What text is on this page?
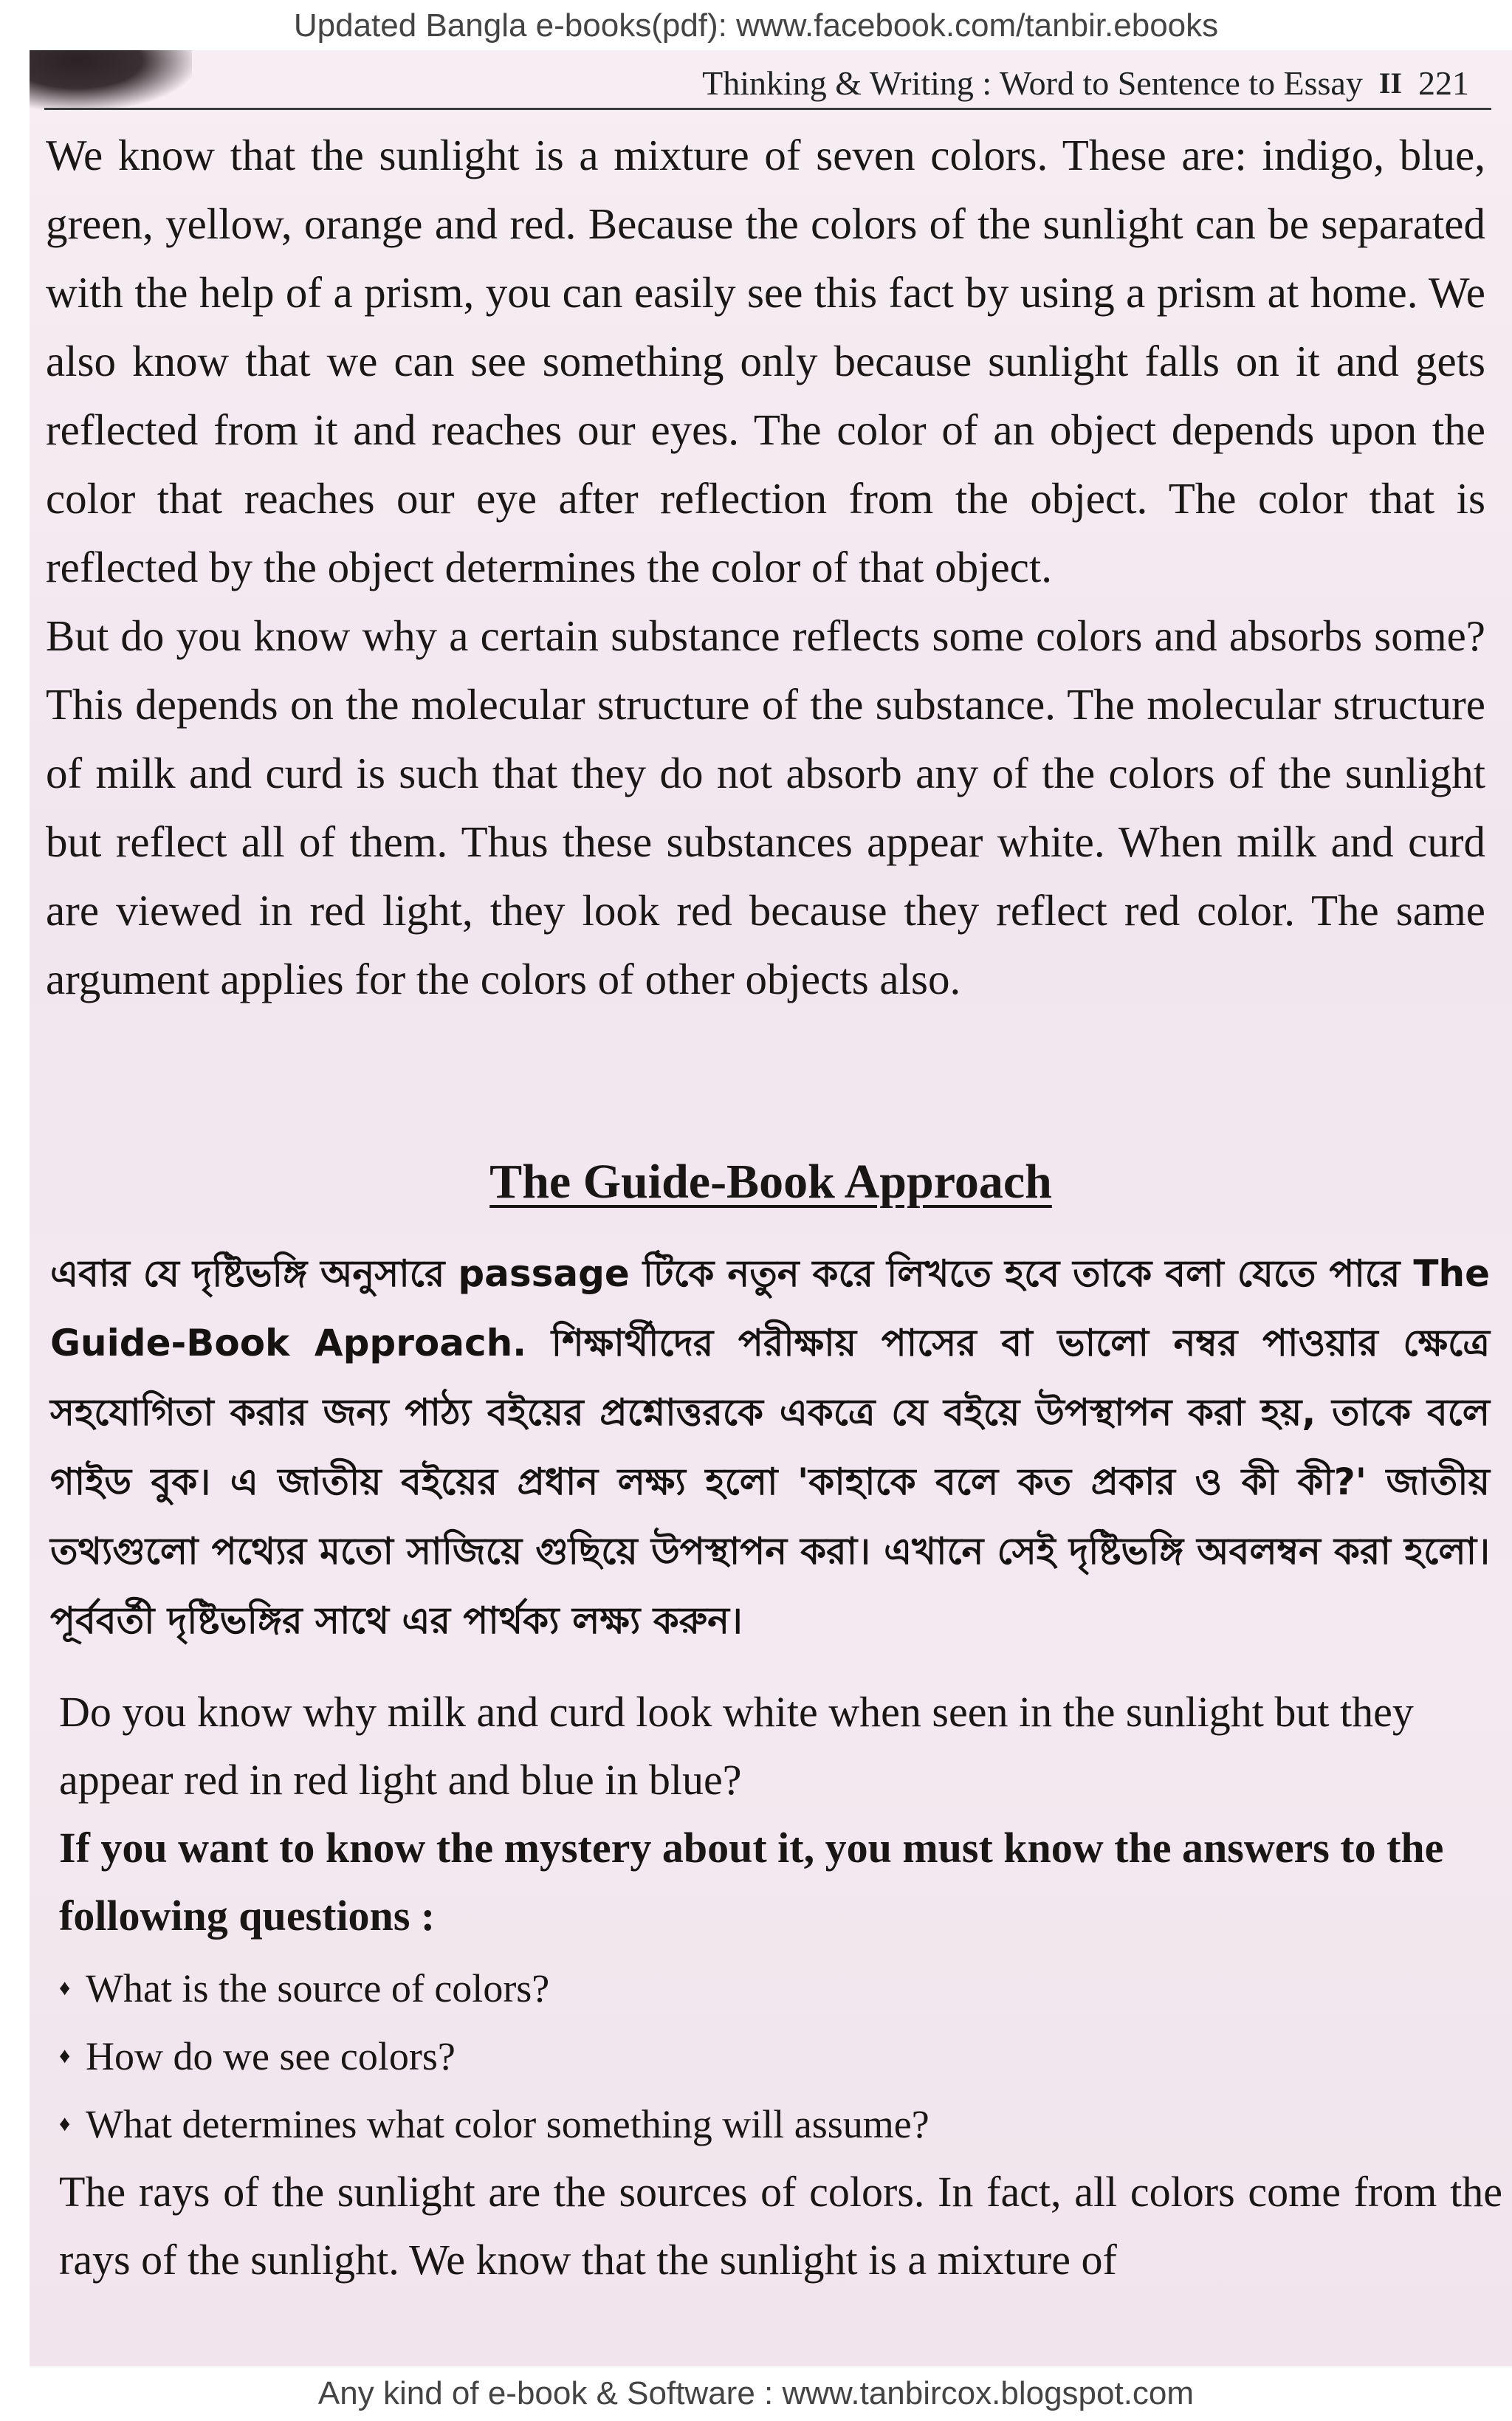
Updated Bangla e-books(pdf): www.facebook.com/tanbir.ebooks
Thinking & Writing : Word to Sentence to Essay II 221

We know that the sunlight is a mixture of seven colors. These are: indigo, blue, green, yellow, orange and red. Because the colors of the sunlight can be separated with the help of a prism, you can easily see this fact by using a prism at home. We also know that we can see something only because sunlight falls on it and gets reflected from it and reaches our eyes. The color of an object depends upon the color that reaches our eye after reflection from the object. The color that is reflected by the object determines the color of that object.

But do you know why a certain substance reflects some colors and absorbs some? This depends on the molecular structure of the substance. The molecular structure of milk and curd is such that they do not absorb any of the colors of the sunlight but reflect all of them. Thus these substances appear white. When milk and curd are viewed in red light, they look red because they reflect red color. The same argument applies for the colors of other objects also.

The Guide-Book Approach
এবার যে দৃষ্টিভঙ্গি অনুসারে passage টিকে নতুন করে লিখতে হবে তাকে বলা যেতে পারে The Guide-Book Approach. শিক্ষার্থীদের পরীক্ষায় পাসের বা ভালো নম্বর পাওয়ার ক্ষেত্রে সহযোগিতা করার জন্য পাঠ্য বইয়ের প্রশ্নোত্তরকে একত্রে যে বইয়ে উপস্থাপন করা হয়, তাকে বলে গাইড বুক। এ জাতীয় বইয়ের প্রধান লক্ষ্য হলো 'কাহাকে বলে কত প্রকার ও কী কী?' জাতীয় তথ্যগুলো পথ্যের মতো সাজিয়ে গুছিয়ে উপস্থাপন করা। এখানে সেই দৃষ্টিভঙ্গি অবলম্বন করা হলো। পূর্ববর্তী দৃষ্টিভঙ্গির সাথে এর পার্থক্য লক্ষ্য করুন।

Do you know why milk and curd look white when seen in the sunlight but they appear red in red light and blue in blue?

If you want to know the mystery about it, you must know the answers to the following questions :

♦ What is the source of colors?
♦ How do we see colors?
♦ What determines what color something will assume?

The rays of the sunlight are the sources of colors. In fact, all colors come from the rays of the sunlight. We know that the sunlight is a mixture of

Any kind of e-book & Software : www.tanbircox.blogspot.com
